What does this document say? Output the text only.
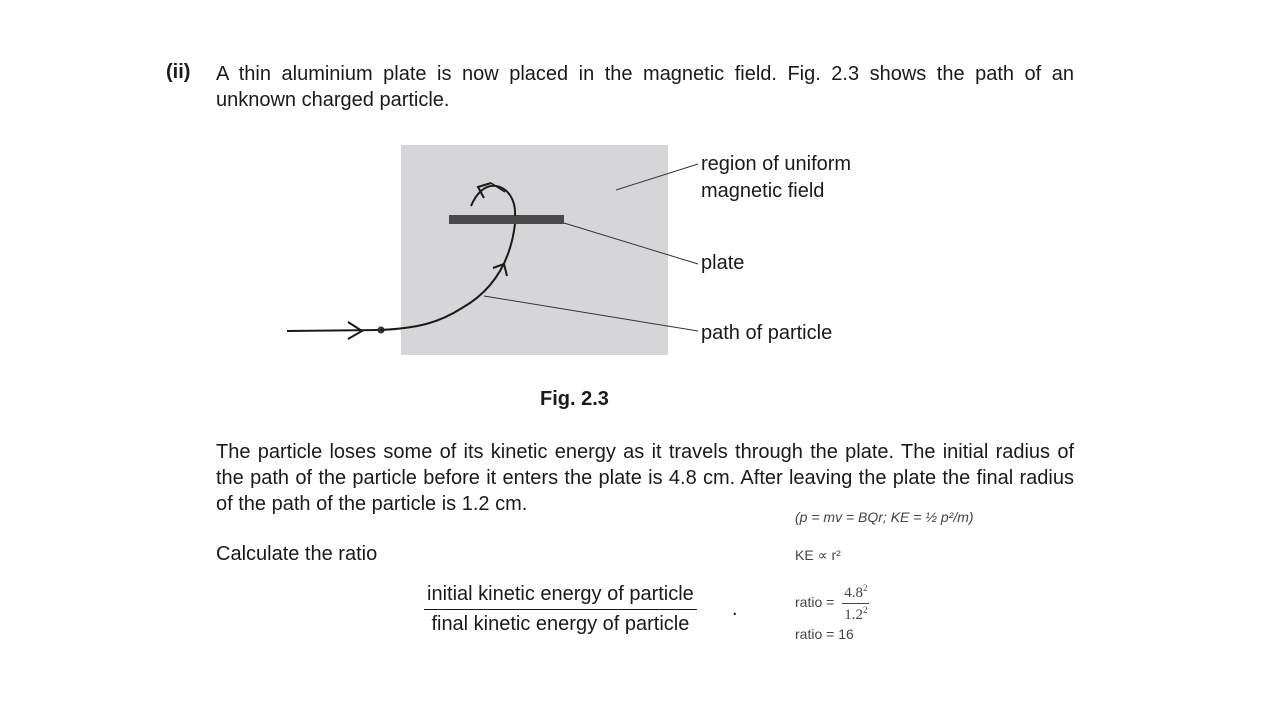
(ii) A thin aluminium plate is now placed in the magnetic field. Fig. 2.3 shows the path of an unknown charged particle.
region of uniform
magnetic field
plate
path of particle
Fig. 2.3
The particle loses some of its kinetic energy as it travels through the plate. The initial radius of the path of the particle before it enters the plate is 4.8 cm. After leaving the plate the final radius of the path of the particle is 1.2 cm.
Calculate the ratio
initial kinetic energy of particle
final kinetic energy of particle
.
(p = mv = BQr; KE = ½ p²/m)
KE ∝ r²
ratio = $\frac{4.8^2}{1.2^2}$
ratio = 16
